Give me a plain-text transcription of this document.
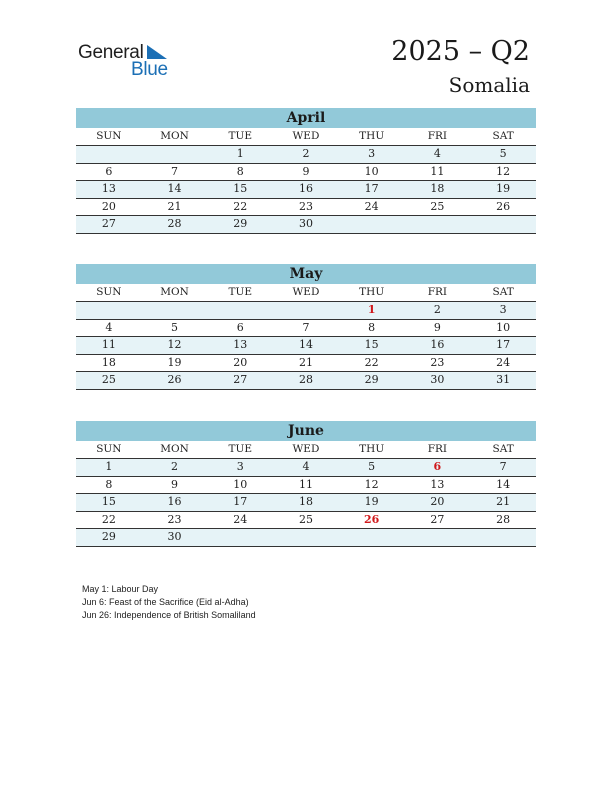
General
Blue
2025 – Q2
Somalia
April
SUN	MON	TUE	WED	THU	FRI	SAT
		1	2	3	4	5
6	7	8	9	10	11	12
13	14	15	16	17	18	19
20	21	22	23	24	25	26
27	28	29	30			
May
SUN	MON	TUE	WED	THU	FRI	SAT
				1	2	3
4	5	6	7	8	9	10
11	12	13	14	15	16	17
18	19	20	21	22	23	24
25	26	27	28	29	30	31
June
SUN	MON	TUE	WED	THU	FRI	SAT
1	2	3	4	5	6	7
8	9	10	11	12	13	14
15	16	17	18	19	20	21
22	23	24	25	26	27	28
29	30					
May 1: Labour Day
Jun 6: Feast of the Sacrifice (Eid al-Adha)
Jun 26: Independence of British Somaliland
